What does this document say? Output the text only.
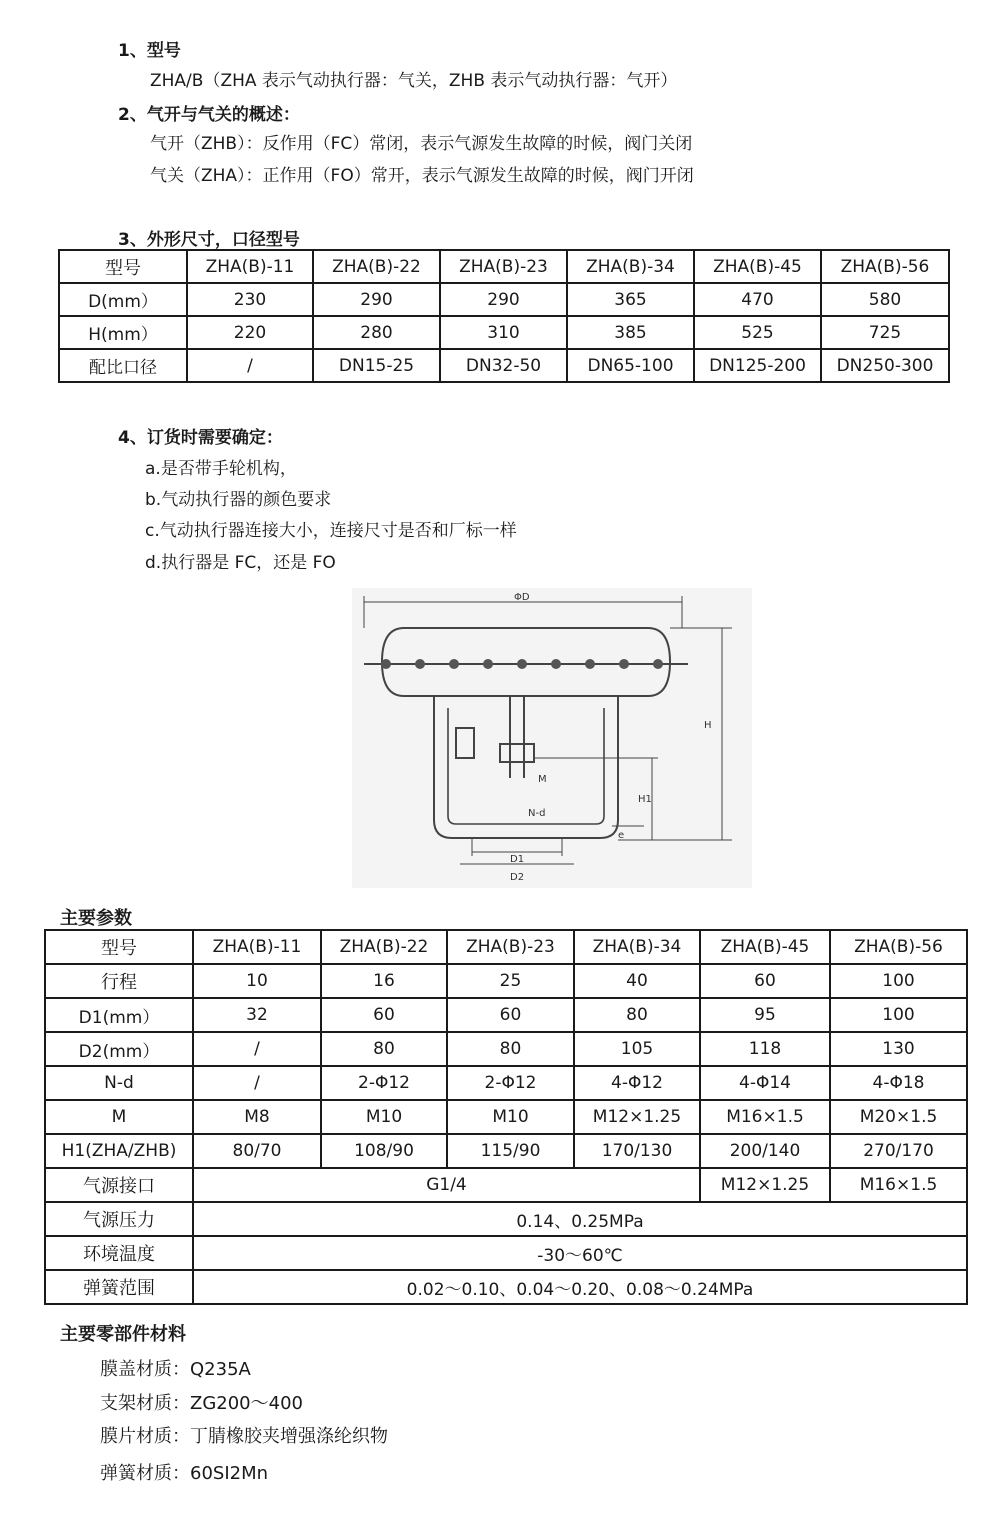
1、型号
ZHA/B（ZHA 表示气动执行器：气关，ZHB 表示气动执行器：气开）
2、气开与气关的概述：
气开（ZHB）：反作用（FC）常闭，表示气源发生故障的时候，阀门关闭
气关（ZHA）：正作用（FO）常开，表示气源发生故障的时候，阀门开闭
3、外形尺寸，口径型号
型号	ZHA(B)-11	ZHA(B)-22	ZHA(B)-23	ZHA(B)-34	ZHA(B)-45	ZHA(B)-56
D(mm）	230	290	290	365	470	580
H(mm）	220	280	310	385	525	725
配比口径	/	DN15-25	DN32-50	DN65-100	DN125-200	DN250-300
4、订货时需要确定：
a.是否带手轮机构，
b.气动执行器的颜色要求
c.气动执行器连接大小，连接尺寸是否和厂标一样
d.执行器是 FC，还是 FO
ΦD
H
H1
M
N-d
D1
D2
e
主要参数
型号	ZHA(B)-11	ZHA(B)-22	ZHA(B)-23	ZHA(B)-34	ZHA(B)-45	ZHA(B)-56
行程	10	16	25	40	60	100
D1(mm）	32	60	60	80	95	100
D2(mm）	/	80	80	105	118	130
N-d	/	2-Φ12	2-Φ12	4-Φ12	4-Φ14	4-Φ18
M	M8	M10	M10	M12×1.25	M16×1.5	M20×1.5
H1(ZHA/ZHB)	80/70	108/90	115/90	170/130	200/140	270/170
气源接口	G1/4				M12×1.25	M16×1.5
气源压力	0.14、0.25MPa					
环境温度	-30～60℃					
弹簧范围	0.02～0.10、0.04～0.20、0.08～0.24MPa					
主要零部件材料
膜盖材质：Q235A
支架材质：ZG200～400
膜片材质：丁腈橡胶夹增强涤纶织物
弹簧材质：60SI2Mn
